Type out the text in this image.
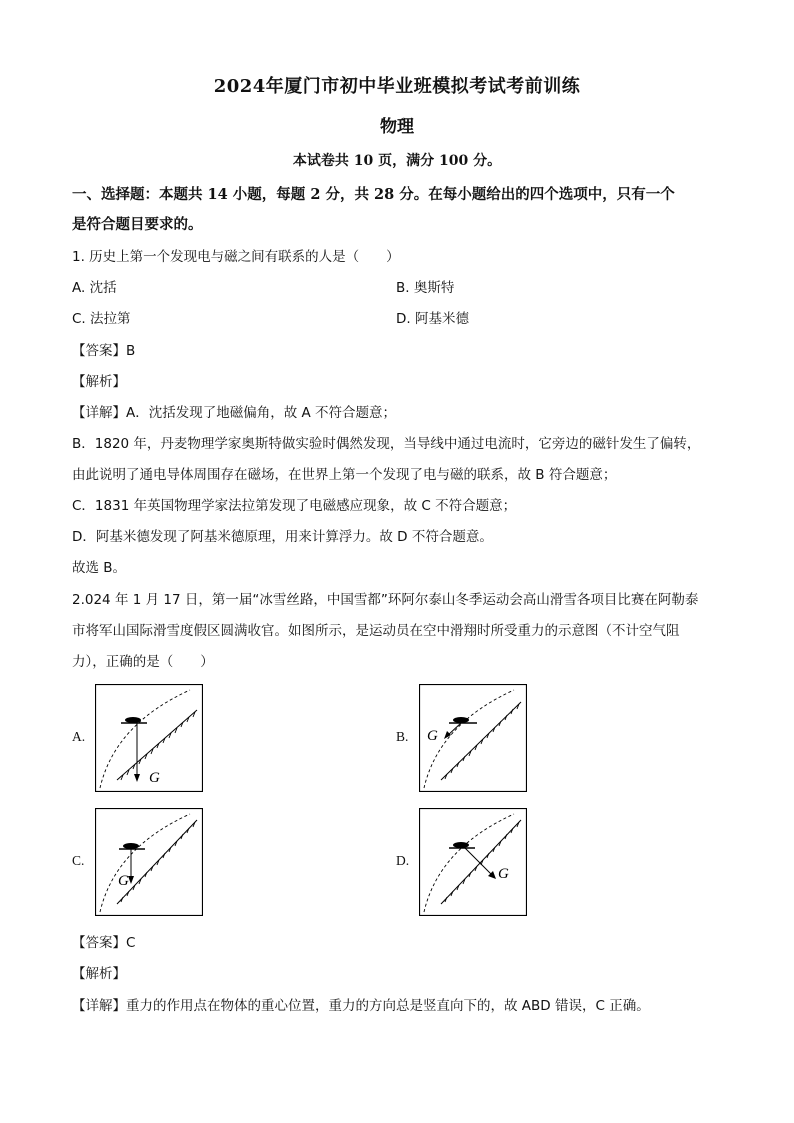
2024年厦门市初中毕业班模拟考试考前训练
物理
本试卷共 10 页，满分 100 分。
一、选择题：本题共 14 小题，每题 2 分，共 28 分。在每小题给出的四个选项中，只有一个
是符合题目要求的。
1. 历史上第一个发现电与磁之间有联系的人是（　　）
A. 沈括	B. 奥斯特
C. 法拉第	D. 阿基米德
【答案】B
【解析】
【详解】A．沈括发现了地磁偏角，故 A 不符合题意；
B．1820 年，丹麦物理学家奥斯特做实验时偶然发现，当导线中通过电流时，它旁边的磁针发生了偏转，
由此说明了通电导体周围存在磁场，在世界上第一个发现了电与磁的联系，故 B 符合题意；
C．1831 年英国物理学家法拉第发现了电磁感应现象，故 C 不符合题意；
D．阿基米德发现了阿基米德原理，用来计算浮力。故 D 不符合题意。
故选 B。
2.024 年 1 月 17 日，第一届“冰雪丝路，中国雪都”环阿尔泰山冬季运动会高山滑雪各项目比赛在阿勒泰
市将军山国际滑雪度假区圆满收官。如图所示，是运动员在空中滑翔时所受重力的示意图（不计空气阻
力），正确的是（　　）
A.
G
B. G
C.
G
D.
G
【答案】C
【解析】
【详解】重力的作用点在物体的重心位置，重力的方向总是竖直向下的，故 ABD 错误，C 正确。
